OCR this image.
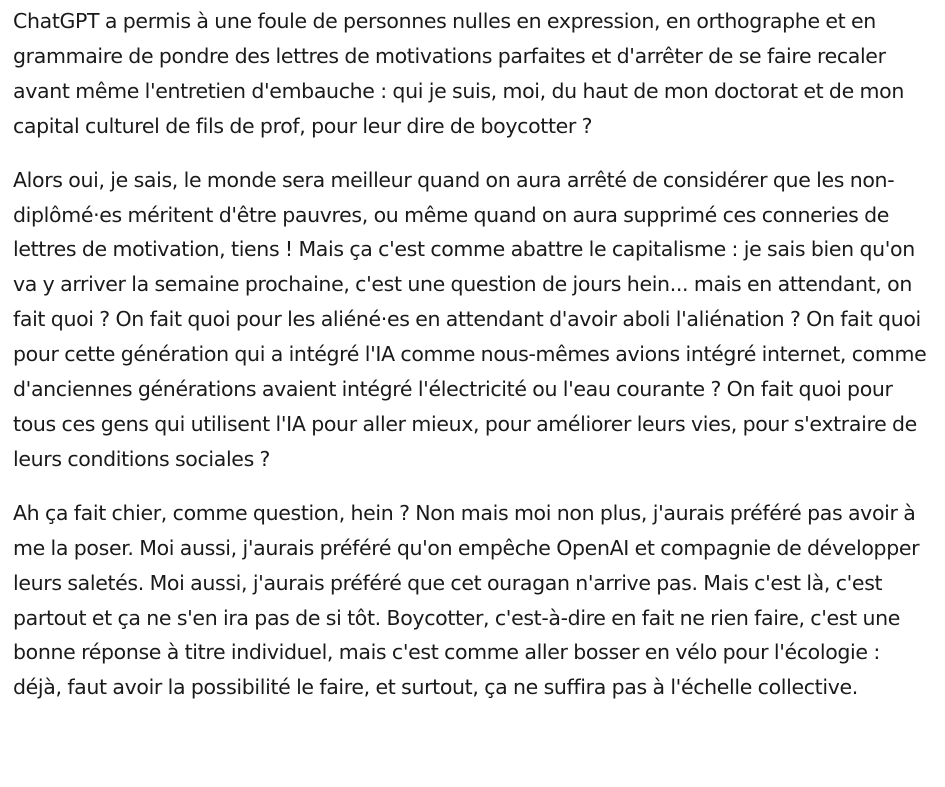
ChatGPT a permis à une foule de personnes nulles en expression, en orthographe et en grammaire de pondre des lettres de motivations parfaites et d'arrêter de se faire recaler avant même l'entretien d'embauche : qui je suis, moi, du haut de mon doctorat et de mon capital culturel de fils de prof, pour leur dire de boycotter ?

Alors oui, je sais, le monde sera meilleur quand on aura arrêté de considérer que les non-diplômé·es méritent d'être pauvres, ou même quand on aura supprimé ces conneries de lettres de motivation, tiens ! Mais ça c'est comme abattre le capitalisme : je sais bien qu'on va y arriver la semaine prochaine, c'est une question de jours hein... mais en attendant, on fait quoi ? On fait quoi pour les aliéné·es en attendant d'avoir aboli l'aliénation ? On fait quoi pour cette génération qui a intégré l'IA comme nous-mêmes avions intégré internet, comme d'anciennes générations avaient intégré l'électricité ou l'eau courante ? On fait quoi pour tous ces gens qui utilisent l'IA pour aller mieux, pour améliorer leurs vies, pour s'extraire de leurs conditions sociales ?

Ah ça fait chier, comme question, hein ? Non mais moi non plus, j'aurais préféré pas avoir à me la poser. Moi aussi, j'aurais préféré qu'on empêche OpenAI et compagnie de développer leurs saletés. Moi aussi, j'aurais préféré que cet ouragan n'arrive pas. Mais c'est là, c'est partout et ça ne s'en ira pas de si tôt. Boycotter, c'est-à-dire en fait ne rien faire, c'est une bonne réponse à titre individuel, mais c'est comme aller bosser en vélo pour l'écologie : déjà, faut avoir la possibilité le faire, et surtout, ça ne suffira pas à l'échelle collective.
